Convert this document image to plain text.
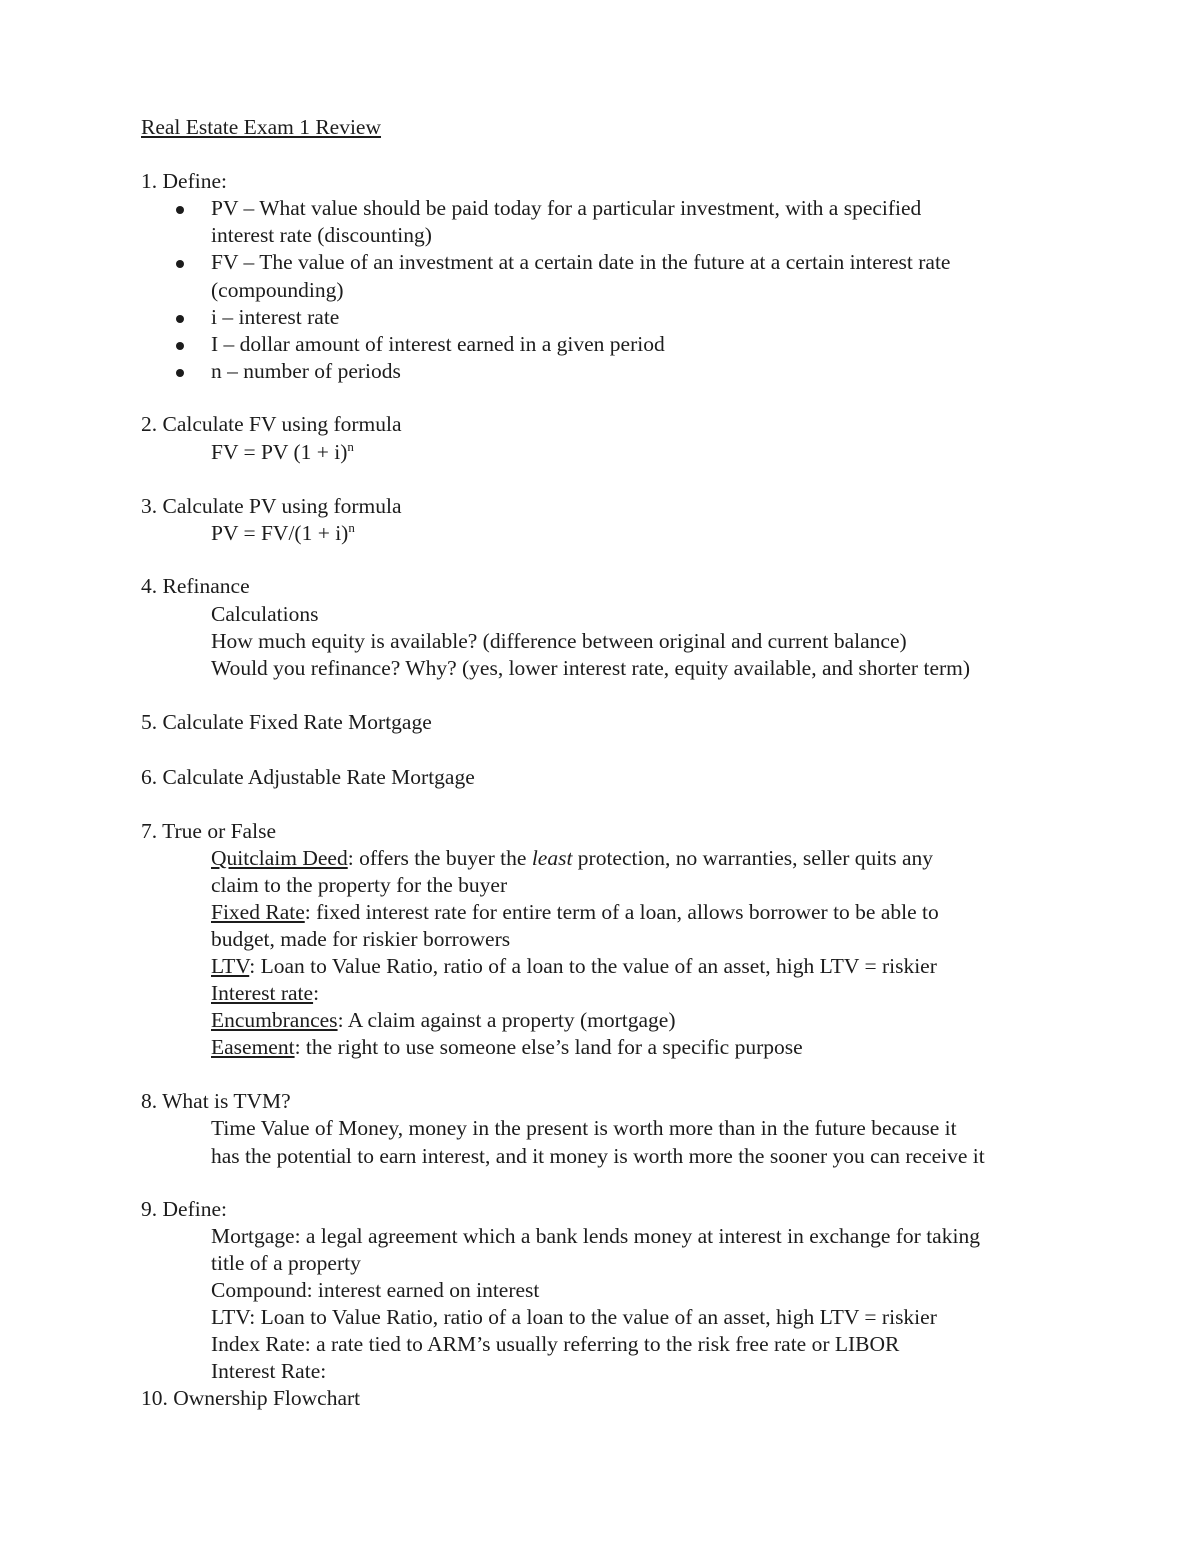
Real Estate Exam 1 Review
1. Define:
PV – What value should be paid today for a particular investment, with a specified
interest rate (discounting)
FV – The value of an investment at a certain date in the future at a certain interest rate
(compounding)
i – interest rate
I – dollar amount of interest earned in a given period
n – number of periods
2. Calculate FV using formula
FV = PV $(1 + i)^n$
3. Calculate PV using formula
PV = $FV/(1 + i)^n$
4. Refinance
Calculations
How much equity is available? (difference between original and current balance)
Would you refinance? Why? (yes, lower interest rate, equity available, and shorter term)
5. Calculate Fixed Rate Mortgage
6. Calculate Adjustable Rate Mortgage
7. True or False
Quitclaim Deed: offers the buyer the least protection, no warranties, seller quits any
claim to the property for the buyer
Fixed Rate: fixed interest rate for entire term of a loan, allows borrower to be able to
budget, made for riskier borrowers
LTV: Loan to Value Ratio, ratio of a loan to the value of an asset, high LTV = riskier
Interest rate:
Encumbrances: A claim against a property (mortgage)
Easement: the right to use someone else’s land for a specific purpose
8. What is TVM?
Time Value of Money, money in the present is worth more than in the future because it
has the potential to earn interest, and it money is worth more the sooner you can receive it
9. Define:
Mortgage: a legal agreement which a bank lends money at interest in exchange for taking
title of a property
Compound: interest earned on interest
LTV: Loan to Value Ratio, ratio of a loan to the value of an asset, high LTV = riskier
Index Rate: a rate tied to ARM’s usually referring to the risk free rate or LIBOR
Interest Rate:
10. Ownership Flowchart
